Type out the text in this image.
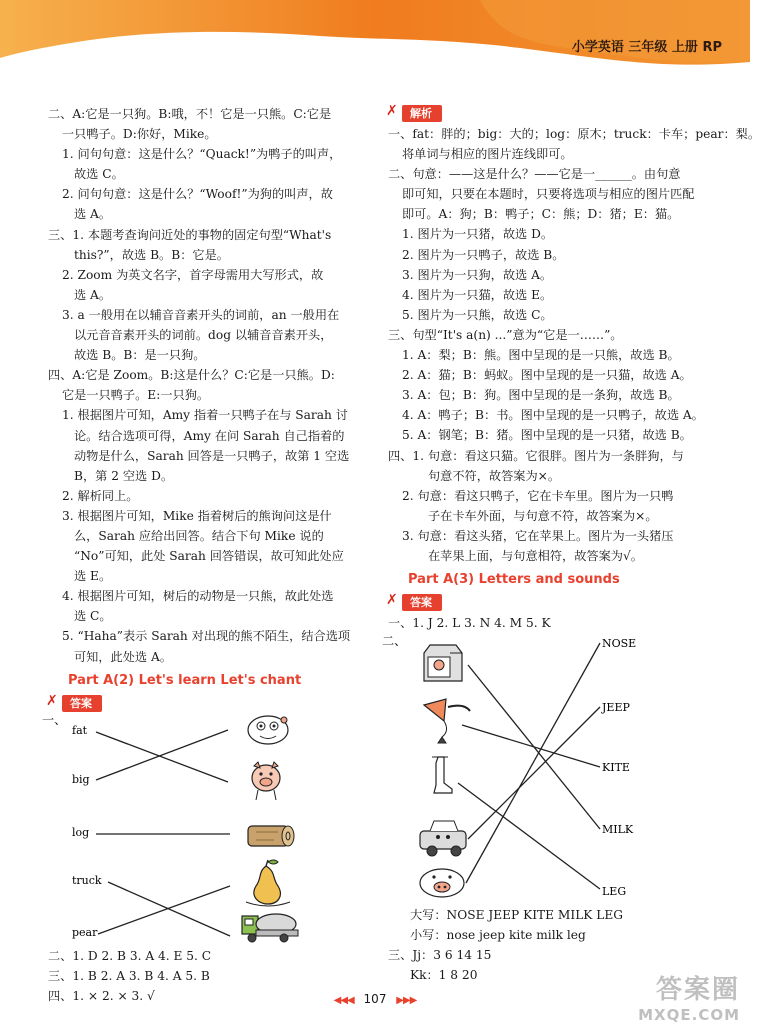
小学英语 三年级 上册 RP
二、A:它是一只狗。B:哦，不！它是一只熊。C:它是
一只鸭子。D:你好，Mike。
1. 问句句意：这是什么？“Quack!”为鸭子的叫声，
故选 C。
2. 问句句意：这是什么？“Woof!”为狗的叫声，故
选 A。
三、1. 本题考查询问近处的事物的固定句型“What's
this?”，故选 B。B：它是。
2. Zoom 为英文名字，首字母需用大写形式，故
选 A。
3. a 一般用在以辅音音素开头的词前，an 一般用在
以元音音素开头的词前。dog 以辅音音素开头，
故选 B。B：是一只狗。
四、A:它是 Zoom。B:这是什么？C:它是一只熊。D:
它是一只鸭子。E:一只狗。
1. 根据图片可知，Amy 指着一只鸭子在与 Sarah 讨
论。结合选项可得，Amy 在问 Sarah 自己指着的
动物是什么，Sarah 回答是一只鸭子，故第 1 空选
B，第 2 空选 D。
2. 解析同上。
3. 根据图片可知，Mike 指着树后的熊询问这是什
么，Sarah 应给出回答。结合下句 Mike 说的
“No”可知，此处 Sarah 回答错误，故可知此处应
选 E。
4. 根据图片可知，树后的动物是一只熊，故此处选
选 C。
5. “Haha”表示 Sarah 对出现的熊不陌生，结合选项
可知，此处选 A。
Part A(2) Let's learn Let's chant
✗ 答案
一、
fat
big
log
truck
pear
二、1. D 2. B 3. A 4. E 5. C
三、1. B 2. A 3. B 4. A 5. B
四、1. × 2. × 3. √
✗ 解析
一、fat：胖的；big：大的；log：原木；truck：卡车；pear：梨。
将单词与相应的图片连线即可。
二、句意：——这是什么？——它是一______。由句意
即可知，只要在本题时，只要将选项与相应的图片匹配
即可。A：狗；B：鸭子；C：熊；D：猪；E：猫。
1. 图片为一只猪，故选 D。
2. 图片为一只鸭子，故选 B。
3. 图片为一只狗，故选 A。
4. 图片为一只猫，故选 E。
5. 图片为一只熊，故选 C。
三、句型“It's a(n) ...”意为“它是一……”。
1. A：梨；B：熊。图中呈现的是一只熊，故选 B。
2. A：猫；B：蚂蚁。图中呈现的是一只猫，故选 A。
3. A：包；B：狗。图中呈现的是一条狗，故选 B。
4. A：鸭子；B：书。图中呈现的是一只鸭子，故选 A。
5. A：钢笔；B：猪。图中呈现的是一只猪，故选 B。
四、1. 句意：看这只猫。它很胖。图片为一条胖狗，与
句意不符，故答案为×。
2. 句意：看这只鸭子，它在卡车里。图片为一只鸭
子在卡车外面，与句意不符，故答案为×。
3. 句意：看这头猪，它在苹果上。图片为一头猪压
在苹果上面，与句意相符，故答案为√。
Part A(3) Letters and sounds
✗ 答案
一、1. J 2. L 3. N 4. M 5. K
二、	NOSE
JEEP
KITE
MILK
LEG
大写：NOSE JEEP KITE MILK LEG
小写：nose jeep kite milk leg
三、Jj：3 6 14 15
Kk：1 8 20
◀◀◀ 107 ▶▶▶	答案圈
MXQE.COM
